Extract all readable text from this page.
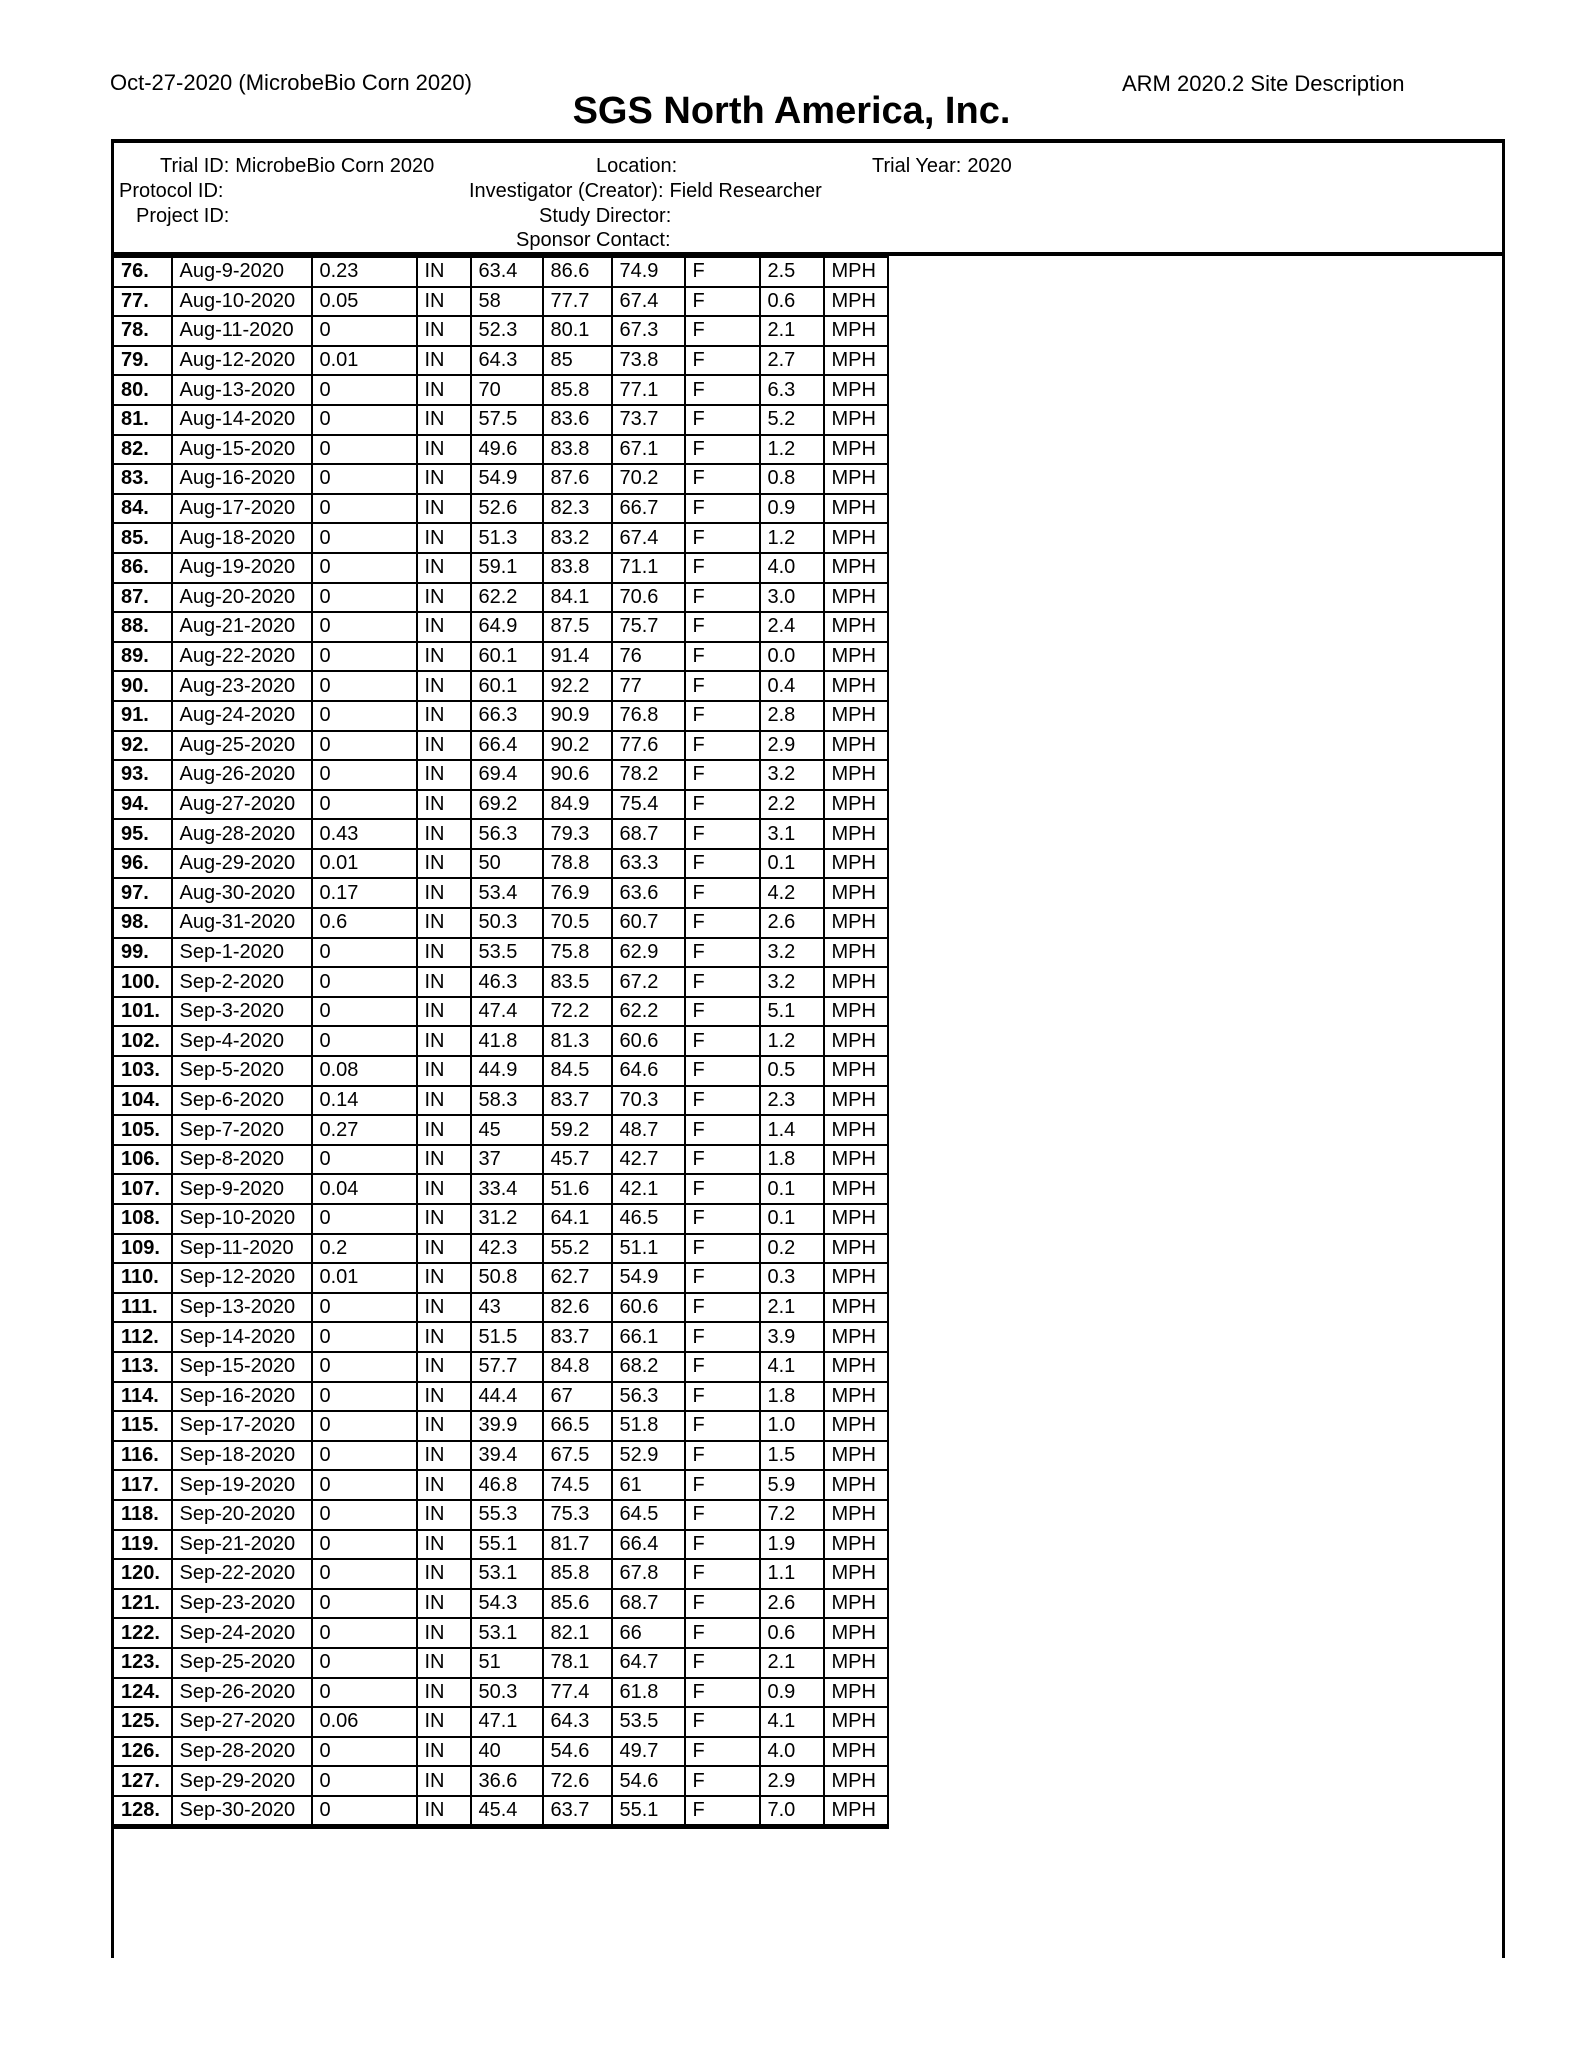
Oct-27-2020 (MicrobeBio Corn 2020)	ARM 2020.2 Site Description
SGS North America, Inc.
Trial ID: MicrobeBio Corn 2020	Location:	Trial Year: 2020
Protocol ID:	Investigator (Creator): Field Researcher
Project ID:	Study Director:
Sponsor Contact:
76.	Aug-9-2020	0.23	IN	63.4	86.6	74.9	F	2.5	MPH
77.	Aug-10-2020	0.05	IN	58	77.7	67.4	F	0.6	MPH
78.	Aug-11-2020	0	IN	52.3	80.1	67.3	F	2.1	MPH
79.	Aug-12-2020	0.01	IN	64.3	85	73.8	F	2.7	MPH
80.	Aug-13-2020	0	IN	70	85.8	77.1	F	6.3	MPH
81.	Aug-14-2020	0	IN	57.5	83.6	73.7	F	5.2	MPH
82.	Aug-15-2020	0	IN	49.6	83.8	67.1	F	1.2	MPH
83.	Aug-16-2020	0	IN	54.9	87.6	70.2	F	0.8	MPH
84.	Aug-17-2020	0	IN	52.6	82.3	66.7	F	0.9	MPH
85.	Aug-18-2020	0	IN	51.3	83.2	67.4	F	1.2	MPH
86.	Aug-19-2020	0	IN	59.1	83.8	71.1	F	4.0	MPH
87.	Aug-20-2020	0	IN	62.2	84.1	70.6	F	3.0	MPH
88.	Aug-21-2020	0	IN	64.9	87.5	75.7	F	2.4	MPH
89.	Aug-22-2020	0	IN	60.1	91.4	76	F	0.0	MPH
90.	Aug-23-2020	0	IN	60.1	92.2	77	F	0.4	MPH
91.	Aug-24-2020	0	IN	66.3	90.9	76.8	F	2.8	MPH
92.	Aug-25-2020	0	IN	66.4	90.2	77.6	F	2.9	MPH
93.	Aug-26-2020	0	IN	69.4	90.6	78.2	F	3.2	MPH
94.	Aug-27-2020	0	IN	69.2	84.9	75.4	F	2.2	MPH
95.	Aug-28-2020	0.43	IN	56.3	79.3	68.7	F	3.1	MPH
96.	Aug-29-2020	0.01	IN	50	78.8	63.3	F	0.1	MPH
97.	Aug-30-2020	0.17	IN	53.4	76.9	63.6	F	4.2	MPH
98.	Aug-31-2020	0.6	IN	50.3	70.5	60.7	F	2.6	MPH
99.	Sep-1-2020	0	IN	53.5	75.8	62.9	F	3.2	MPH
100.	Sep-2-2020	0	IN	46.3	83.5	67.2	F	3.2	MPH
101.	Sep-3-2020	0	IN	47.4	72.2	62.2	F	5.1	MPH
102.	Sep-4-2020	0	IN	41.8	81.3	60.6	F	1.2	MPH
103.	Sep-5-2020	0.08	IN	44.9	84.5	64.6	F	0.5	MPH
104.	Sep-6-2020	0.14	IN	58.3	83.7	70.3	F	2.3	MPH
105.	Sep-7-2020	0.27	IN	45	59.2	48.7	F	1.4	MPH
106.	Sep-8-2020	0	IN	37	45.7	42.7	F	1.8	MPH
107.	Sep-9-2020	0.04	IN	33.4	51.6	42.1	F	0.1	MPH
108.	Sep-10-2020	0	IN	31.2	64.1	46.5	F	0.1	MPH
109.	Sep-11-2020	0.2	IN	42.3	55.2	51.1	F	0.2	MPH
110.	Sep-12-2020	0.01	IN	50.8	62.7	54.9	F	0.3	MPH
111.	Sep-13-2020	0	IN	43	82.6	60.6	F	2.1	MPH
112.	Sep-14-2020	0	IN	51.5	83.7	66.1	F	3.9	MPH
113.	Sep-15-2020	0	IN	57.7	84.8	68.2	F	4.1	MPH
114.	Sep-16-2020	0	IN	44.4	67	56.3	F	1.8	MPH
115.	Sep-17-2020	0	IN	39.9	66.5	51.8	F	1.0	MPH
116.	Sep-18-2020	0	IN	39.4	67.5	52.9	F	1.5	MPH
117.	Sep-19-2020	0	IN	46.8	74.5	61	F	5.9	MPH
118.	Sep-20-2020	0	IN	55.3	75.3	64.5	F	7.2	MPH
119.	Sep-21-2020	0	IN	55.1	81.7	66.4	F	1.9	MPH
120.	Sep-22-2020	0	IN	53.1	85.8	67.8	F	1.1	MPH
121.	Sep-23-2020	0	IN	54.3	85.6	68.7	F	2.6	MPH
122.	Sep-24-2020	0	IN	53.1	82.1	66	F	0.6	MPH
123.	Sep-25-2020	0	IN	51	78.1	64.7	F	2.1	MPH
124.	Sep-26-2020	0	IN	50.3	77.4	61.8	F	0.9	MPH
125.	Sep-27-2020	0.06	IN	47.1	64.3	53.5	F	4.1	MPH
126.	Sep-28-2020	0	IN	40	54.6	49.7	F	4.0	MPH
127.	Sep-29-2020	0	IN	36.6	72.6	54.6	F	2.9	MPH
128.	Sep-30-2020	0	IN	45.4	63.7	55.1	F	7.0	MPH
